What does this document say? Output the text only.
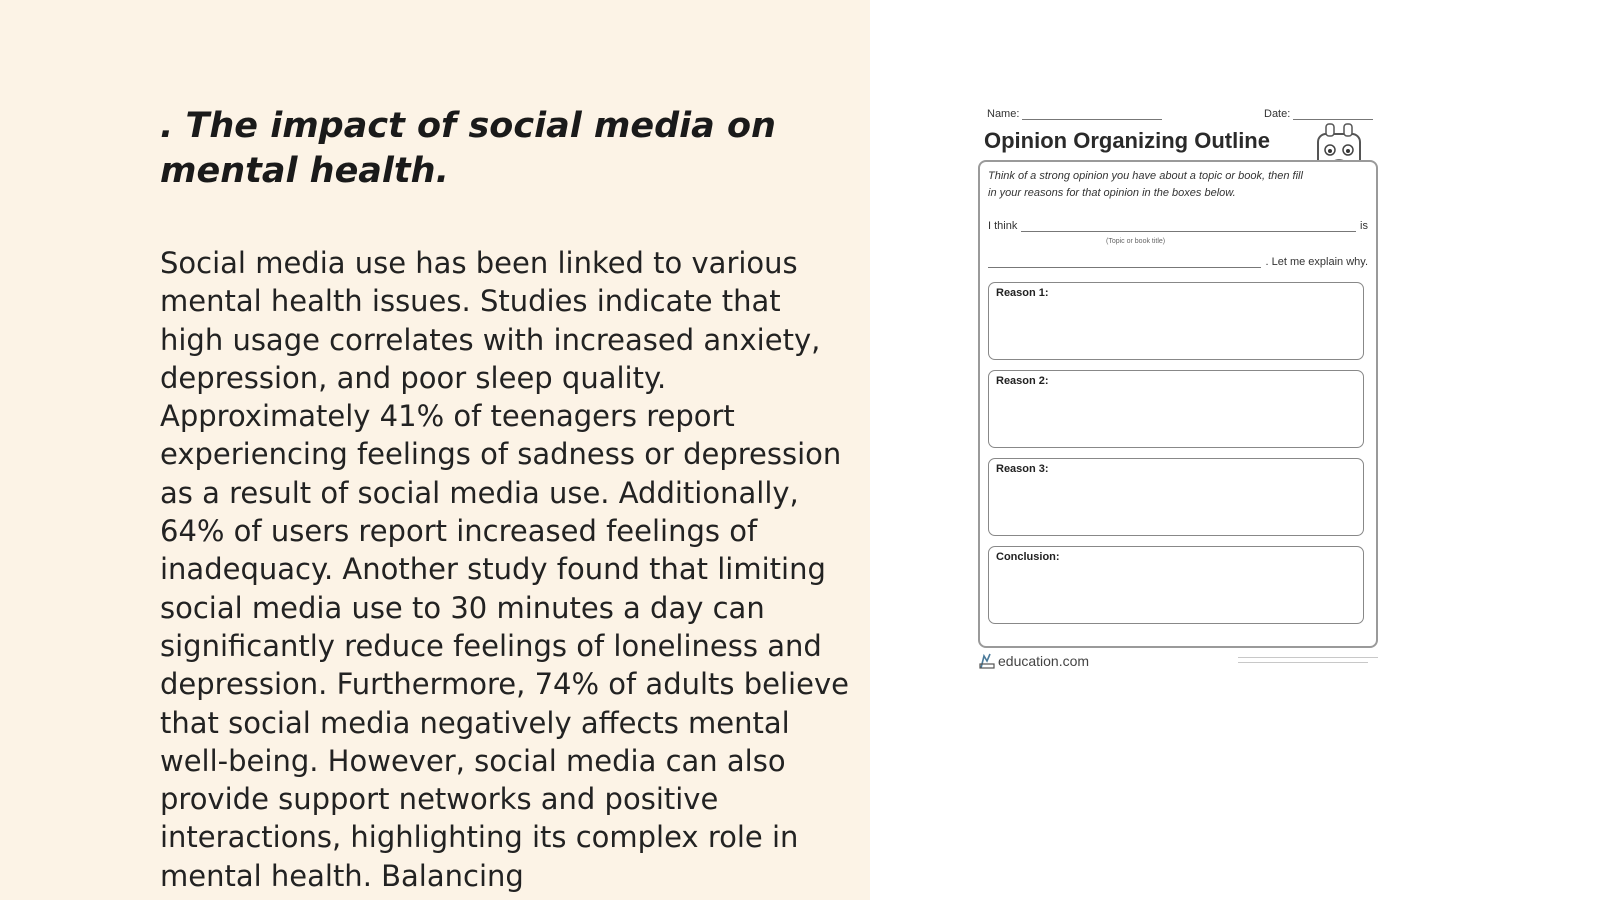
. The impact of social media on mental health.

Social media use has been linked to various mental health issues. Studies indicate that high usage correlates with increased anxiety, depression, and poor sleep quality. Approximately 41% of teenagers report experiencing feelings of sadness or depression as a result of social media use. Additionally, 64% of users report increased feelings of inadequacy. Another study found that limiting social media use to 30 minutes a day can significantly reduce feelings of loneliness and depression. Furthermore, 74% of adults believe that social media negatively affects mental well-being. However, social media can also provide support networks and positive interactions, highlighting its complex role in mental health. Balancing

Name:	Date:
Opinion Organizing Outline
Think of a strong opinion you have about a topic or book, then fill in your reasons for that opinion in the boxes below.
I think	is
(Topic or book title)
. Let me explain why.
Reason 1:
Reason 2:
Reason 3:
Conclusion:
education.com
